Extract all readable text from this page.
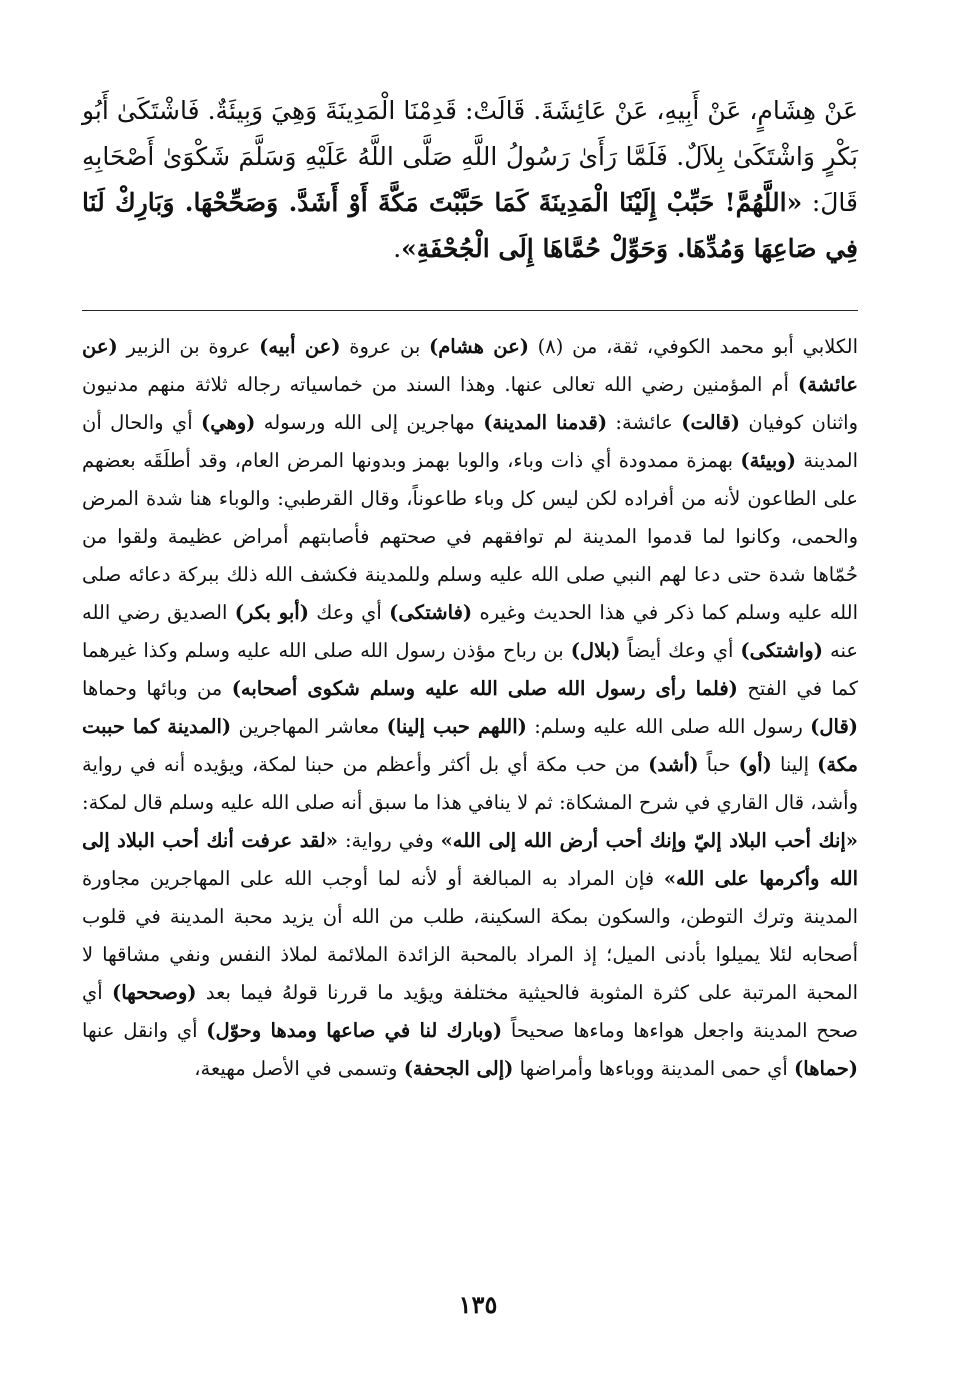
عَنْ هِشَامٍ، عَنْ أَبِيهِ، عَنْ عَائِشَةَ. قَالَتْ: قَدِمْنَا الْمَدِينَةَ وَهِيَ وَبِيئَةٌ. فَاشْتَكَىٰ أَبُو بَكْرٍ وَاشْتَكَىٰ بِلاَلٌ. فَلَمَّا رَأَىٰ رَسُولُ اللَّهِ صَلَّى اللَّهُ عَلَيْهِ وَسَلَّمَ شَكْوَىٰ أَصْحَابِهِ قَالَ: «اللَّهُمَّ! حَبِّبْ إِلَيْنَا الْمَدِينَةَ كَمَا حَبَّبْتَ مَكَّةَ أَوْ أَشَدَّ. وَصَحِّحْهَا. وَبَارِكْ لَنَا فِي صَاعِهَا وَمُدِّهَا. وَحَوِّلْ حُمَّاهَا إِلَى الْجُحْفَةِ».

الكلابي أبو محمد الكوفي، ثقة، من (٨) (عن هشام) بن عروة (عن أبيه) عروة بن الزبير (عن عائشة) أم المؤمنين رضي الله تعالى عنها. وهذا السند من خماسياته رجاله ثلاثة منهم مدنيون واثنان كوفيان (قالت) عائشة: (قدمنا المدينة) مهاجرين إلى الله ورسوله (وهي) أي والحال أن المدينة (وبيئة) بهمزة ممدودة أي ذات وباء، والوبا بهمز وبدونها المرض العام، وقد أطلَقَه بعضهم على الطاعون لأنه من أفراده لكن ليس كل وباء طاعوناً، وقال القرطبي: والوباء هنا شدة المرض والحمى، وكانوا لما قدموا المدينة لم توافقهم في صحتهم فأصابتهم أمراض عظيمة ولقوا من حُمّاها شدة حتى دعا لهم النبي صلى الله عليه وسلم وللمدينة فكشف الله ذلك ببركة دعائه صلى الله عليه وسلم كما ذكر في هذا الحديث وغيره (فاشتكى) أي وعك (أبو بكر) الصديق رضي الله عنه (واشتكى) أي وعك أيضاً (بلال) بن رباح مؤذن رسول الله صلى الله عليه وسلم وكذا غيرهما كما في الفتح (فلما رأى رسول الله صلى الله عليه وسلم شكوى أصحابه) من وبائها وحماها (قال) رسول الله صلى الله عليه وسلم: (اللهم حبب إلينا) معاشر المهاجرين (المدينة كما حببت مكة) إلينا (أو) حباً (أشد) من حب مكة أي بل أكثر وأعظم من حبنا لمكة، ويؤيده أنه في رواية وأشد، قال القاري في شرح المشكاة: ثم لا ينافي هذا ما سبق أنه صلى الله عليه وسلم قال لمكة: «إنك أحب البلاد إليّ وإنك أحب أرض الله إلى الله» وفي رواية: «لقد عرفت أنك أحب البلاد إلى الله وأكرمها على الله» فإن المراد به المبالغة أو لأنه لما أوجب الله على المهاجرين مجاورة المدينة وترك التوطن، والسكون بمكة السكينة، طلب من الله أن يزيد محبة المدينة في قلوب أصحابه لئلا يميلوا بأدنى الميل؛ إذ المراد بالمحبة الزائدة الملائمة لملاذ النفس ونفي مشاقها لا المحبة المرتبة على كثرة المثوبة فالحيثية مختلفة ويؤيد ما قررنا قولهُ فيما بعد (وصححها) أي صحح المدينة واجعل هواءها وماءها صحيحاً (وبارك لنا في صاعها ومدها وحوّل) أي وانقل عنها (حماها) أي حمى المدينة ووباءها وأمراضها (إلى الجحفة) وتسمى في الأصل مهيعة،

١٣٥
